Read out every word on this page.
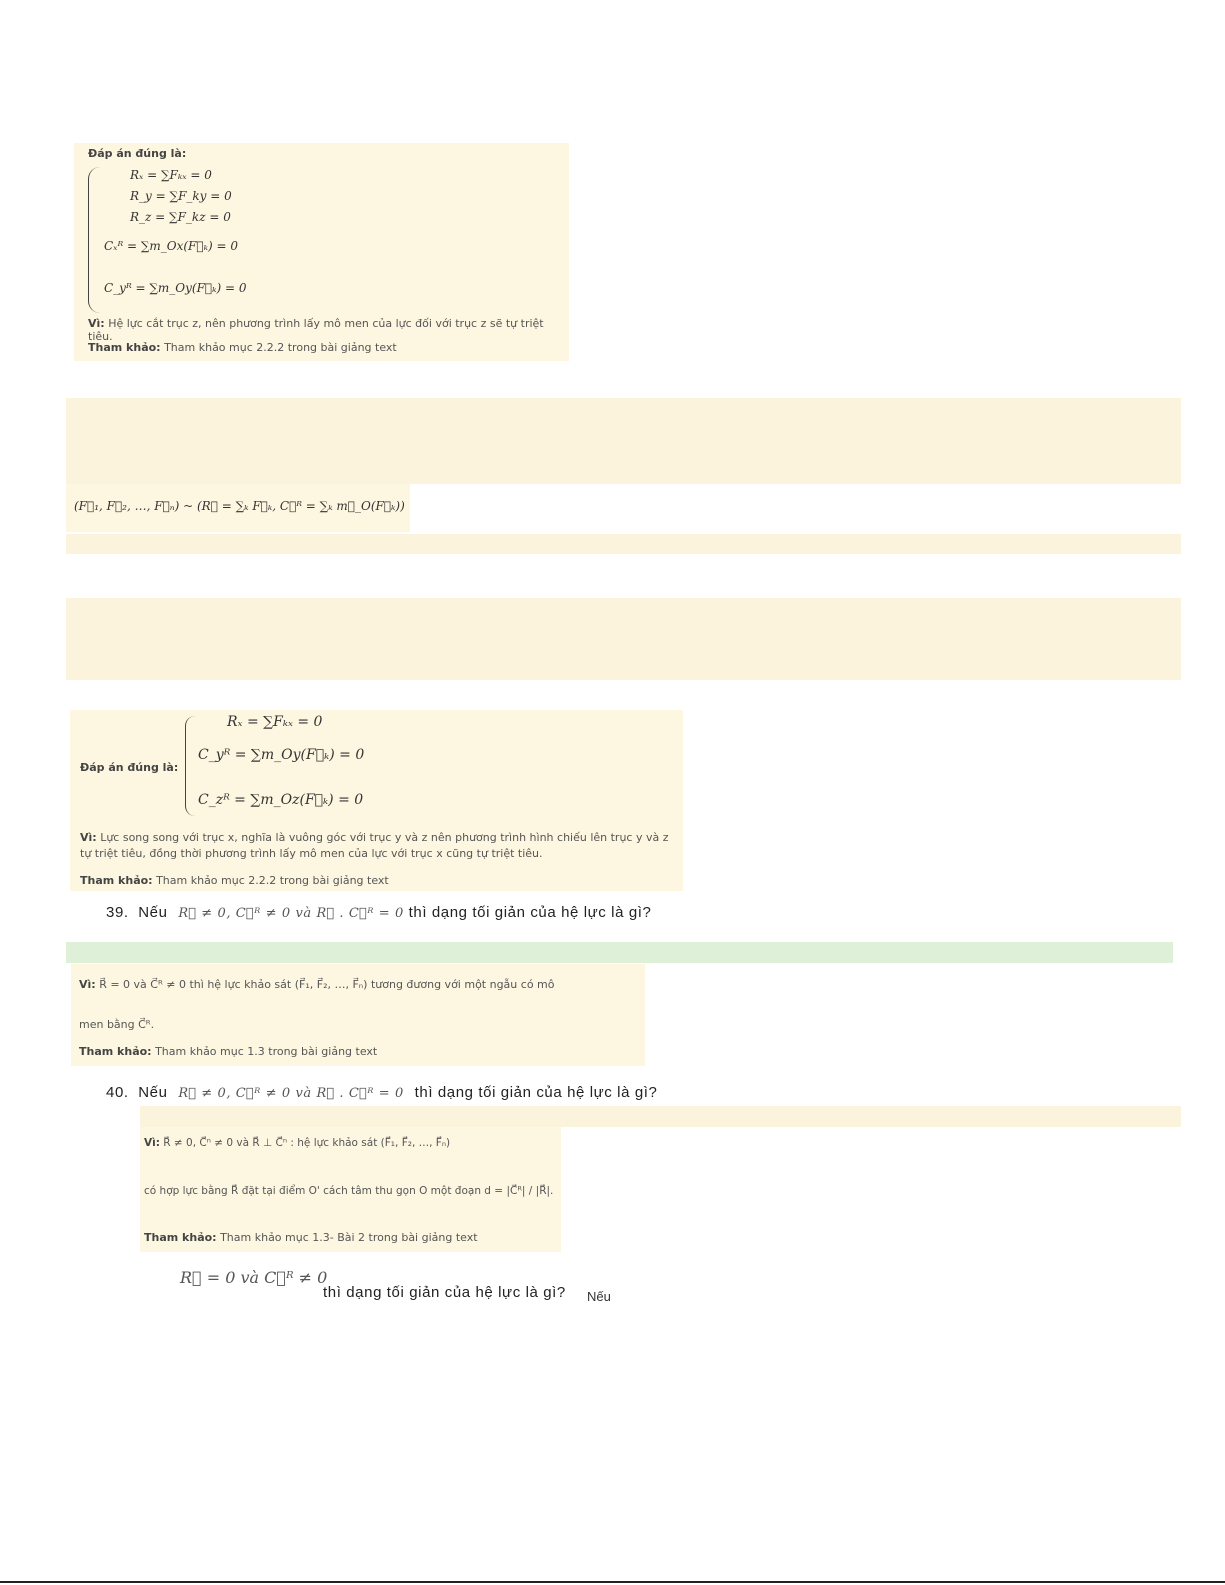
Đáp án đúng là:
Rₓ = ∑Fₖₓ = 0
R_y = ∑F_ky = 0
R_z = ∑F_kz = 0
Cₓᴿ = ∑m_Ox(F⃗ₖ) = 0
C_yᴿ = ∑m_Oy(F⃗ₖ) = 0
Vì: Hệ lực cắt trục z, nên phương trình lấy mô men của lực đối với trục z sẽ tự triệt tiêu.
Tham khảo: Tham khảo mục 2.2.2 trong bài giảng text
(F⃗₁, F⃗₂, …, F⃗ₙ) ~ (R⃗ = ∑ₖ F⃗ₖ, C⃗ᴿ = ∑ₖ m⃗_O(F⃗ₖ))
Đáp án đúng là:
Rₓ = ∑Fₖₓ = 0
C_yᴿ = ∑m_Oy(F⃗ₖ) = 0
C_zᴿ = ∑m_Oz(F⃗ₖ) = 0
Vì: Lực song song với trục x, nghĩa là vuông góc với trục y và z nên phương trình hình chiếu lên trục y và z tự triệt tiêu, đồng thời phương trình lấy mô men của lực với trục x cũng tự triệt tiêu.
Tham khảo: Tham khảo mục 2.2.2 trong bài giảng text
39. Nếu R⃗ ≠ 0, C⃗ᴿ ≠ 0 và R⃗ . C⃗ᴿ = 0 thì dạng tối giản của hệ lực là gì?
Vì: R⃗ = 0 và C⃗ᴿ ≠ 0 thì hệ lực khảo sát (F⃗₁, F⃗₂, …, F⃗ₙ) tương đương với một ngẫu có mô
men bằng C⃗ᴿ.
Tham khảo: Tham khảo mục 1.3 trong bài giảng text
40. Nếu R⃗ ≠ 0, C⃗ᴿ ≠ 0 và R⃗ . C⃗ᴿ = 0 thì dạng tối giản của hệ lực là gì?
Vì: R⃗ ≠ 0, C⃗ⁿ ≠ 0 và R⃗ ⊥ C⃗ⁿ : hệ lực khảo sát (F⃗₁, F⃗₂, …, F⃗ₙ)
có hợp lực bằng R⃗ đặt tại điểm O' cách tâm thu gọn O một đoạn d = |C⃗ᴿ| / |R⃗|.
Tham khảo: Tham khảo mục 1.3- Bài 2 trong bài giảng text
R⃗ = 0 và C⃗ᴿ ≠ 0
thì dạng tối giản của hệ lực là gì? Nếu
